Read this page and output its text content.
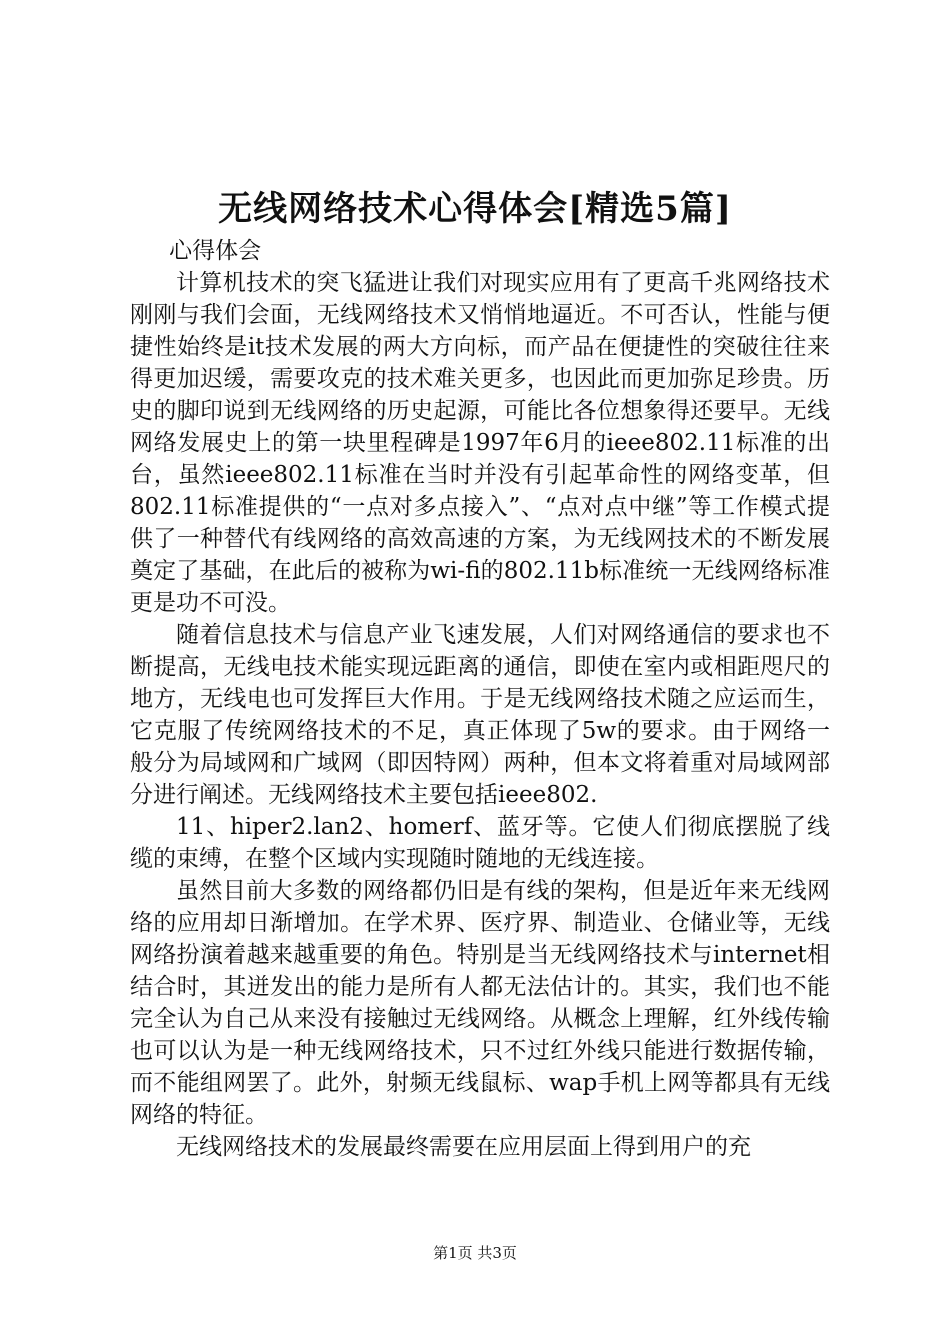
无线网络技术心得体会[精选5篇]

心得体会

计算机技术的突飞猛进让我们对现实应用有了更高千兆网络技术刚刚与我们会面，无线网络技术又悄悄地逼近。不可否认，性能与便捷性始终是it技术发展的两大方向标，而产品在便捷性的突破往往来得更加迟缓，需要攻克的技术难关更多，也因此而更加弥足珍贵。历史的脚印说到无线网络的历史起源，可能比各位想象得还要早。无线网络发展史上的第一块里程碑是1997年6月的ieee802.11标准的出台，虽然ieee802.11标准在当时并没有引起革命性的网络变革，但802.11标准提供的“一点对多点接入”、“点对点中继”等工作模式提供了一种替代有线网络的高效高速的方案，为无线网技术的不断发展奠定了基础，在此后的被称为wi-fi的802.11b标准统一无线网络标准更是功不可没。

随着信息技术与信息产业飞速发展，人们对网络通信的要求也不断提高，无线电技术能实现远距离的通信，即使在室内或相距咫尺的地方，无线电也可发挥巨大作用。于是无线网络技术随之应运而生，它克服了传统网络技术的不足，真正体现了5w的要求。由于网络一般分为局域网和广域网（即因特网）两种，但本文将着重对局域网部分进行阐述。无线网络技术主要包括ieee802.

11、hiper2.lan2、homerf、蓝牙等。它使人们彻底摆脱了线缆的束缚，在整个区域内实现随时随地的无线连接。

虽然目前大多数的网络都仍旧是有线的架构，但是近年来无线网络的应用却日渐增加。在学术界、医疗界、制造业、仓储业等，无线网络扮演着越来越重要的角色。特别是当无线网络技术与internet相结合时，其迸发出的能力是所有人都无法估计的。其实，我们也不能完全认为自己从来没有接触过无线网络。从概念上理解，红外线传输也可以认为是一种无线网络技术，只不过红外线只能进行数据传输，而不能组网罢了。此外，射频无线鼠标、wap手机上网等都具有无线网络的特征。

无线网络技术的发展最终需要在应用层面上得到用户的充

第1页 共3页
